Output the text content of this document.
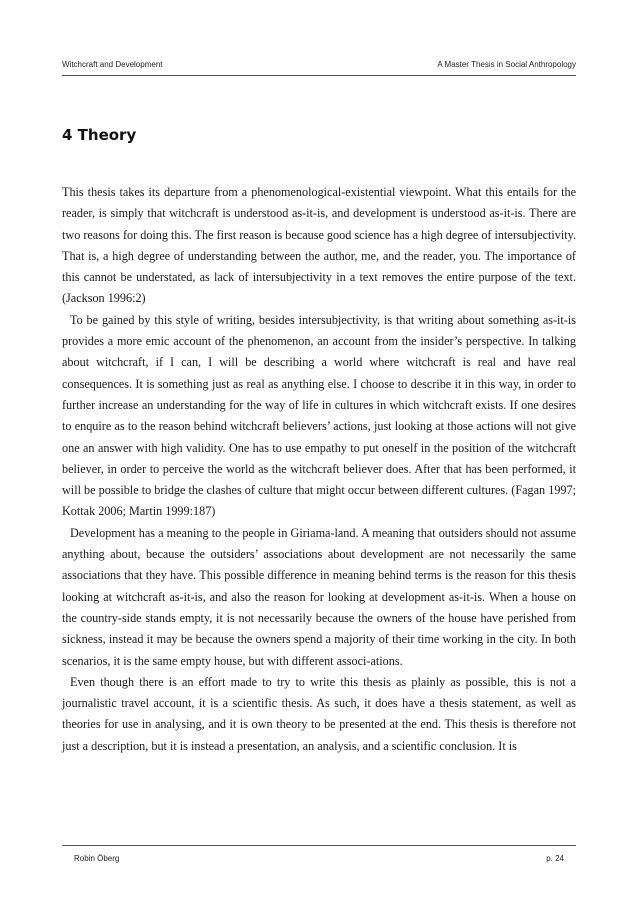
Witchcraft and Development	A Master Thesis in Social Anthropology
4 Theory

This thesis takes its departure from a phenomenological-existential viewpoint. What this entails for the reader, is simply that witchcraft is understood as-it-is, and development is understood as-it-is. There are two reasons for doing this. The first reason is because good science has a high degree of intersubjectivity. That is, a high degree of understanding between the author, me, and the reader, you. The importance of this cannot be understated, as lack of intersubjectivity in a text removes the entire purpose of the text. (Jackson 1996:2)

To be gained by this style of writing, besides intersubjectivity, is that writing about something as-it-is provides a more emic account of the phenomenon, an account from the insider’s perspective. In talking about witchcraft, if I can, I will be describing a world where witchcraft is real and have real consequences. It is something just as real as anything else. I choose to describe it in this way, in order to further increase an understanding for the way of life in cultures in which witchcraft exists. If one desires to enquire as to the reason behind witchcraft believers’ actions, just looking at those actions will not give one an answer with high validity. One has to use empathy to put oneself in the position of the witchcraft believer, in order to perceive the world as the witchcraft believer does. After that has been performed, it will be possible to bridge the clashes of culture that might occur between different cultures. (Fagan 1997; Kottak 2006; Martin 1999:187)

Development has a meaning to the people in Giriama-land. A meaning that outsiders should not assume anything about, because the outsiders’ associations about development are not necessarily the same associations that they have. This possible difference in meaning behind terms is the reason for this thesis looking at witchcraft as-it-is, and also the reason for looking at development as-it-is. When a house on the country-side stands empty, it is not necessarily because the owners of the house have perished from sickness, instead it may be because the owners spend a majority of their time working in the city. In both scenarios, it is the same empty house, but with different associ-ations.

Even though there is an effort made to try to write this thesis as plainly as possible, this is not a journalistic travel account, it is a scientific thesis. As such, it does have a thesis statement, as well as theories for use in analysing, and it is own theory to be presented at the end. This thesis is therefore not just a description, but it is instead a presentation, an analysis, and a scientific conclusion. It is

Robin Öberg	p. 24
